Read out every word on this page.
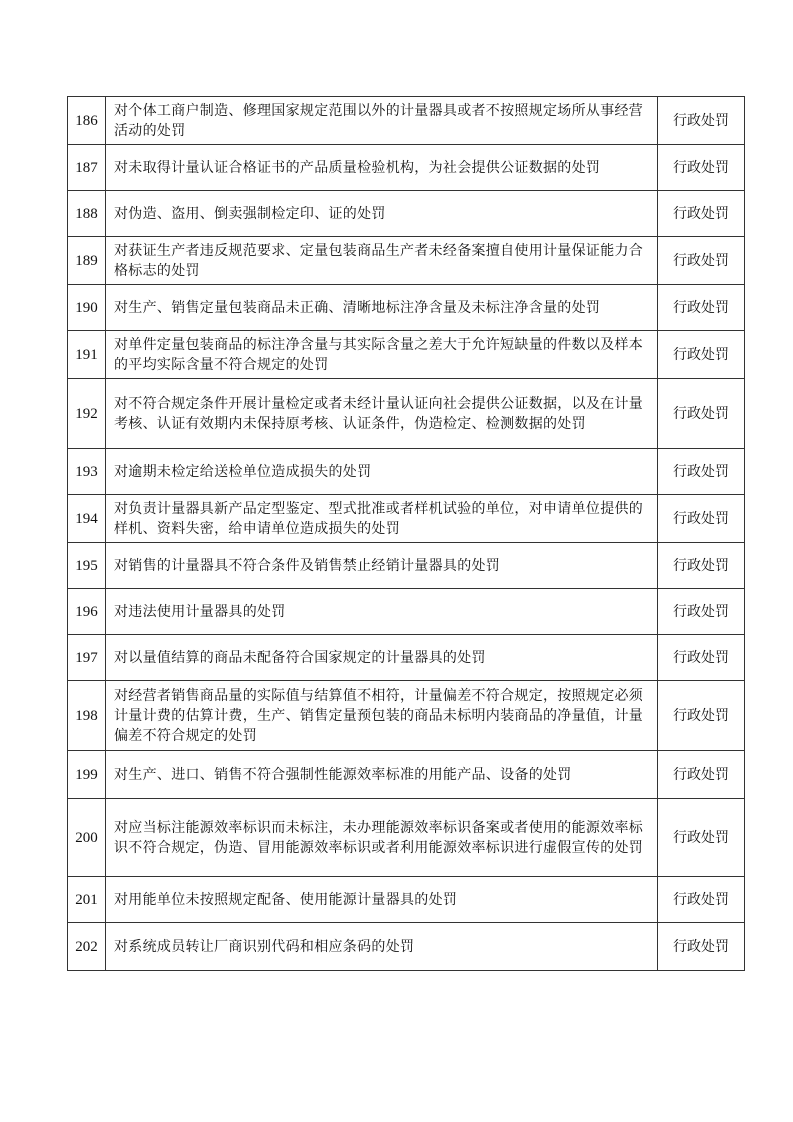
186	对个体工商户制造、修理国家规定范围以外的计量器具或者不按照规定场所从事经营活动的处罚	行政处罚
187	对未取得计量认证合格证书的产品质量检验机构，为社会提供公证数据的处罚	行政处罚
188	对伪造、盗用、倒卖强制检定印、证的处罚	行政处罚
189	对获证生产者违反规范要求、定量包装商品生产者未经备案擅自使用计量保证能力合格标志的处罚	行政处罚
190	对生产、销售定量包装商品未正确、清晰地标注净含量及未标注净含量的处罚	行政处罚
191	对单件定量包装商品的标注净含量与其实际含量之差大于允许短缺量的件数以及样本的平均实际含量不符合规定的处罚	行政处罚
192	对不符合规定条件开展计量检定或者未经计量认证向社会提供公证数据，以及在计量考核、认证有效期内未保持原考核、认证条件，伪造检定、检测数据的处罚	行政处罚
193	对逾期未检定给送检单位造成损失的处罚	行政处罚
194	对负责计量器具新产品定型鉴定、型式批准或者样机试验的单位，对申请单位提供的样机、资料失密，给申请单位造成损失的处罚	行政处罚
195	对销售的计量器具不符合条件及销售禁止经销计量器具的处罚	行政处罚
196	对违法使用计量器具的处罚	行政处罚
197	对以量值结算的商品未配备符合国家规定的计量器具的处罚	行政处罚
198	对经营者销售商品量的实际值与结算值不相符，计量偏差不符合规定，按照规定必须计量计费的估算计费，生产、销售定量预包装的商品未标明内装商品的净量值，计量偏差不符合规定的处罚	行政处罚
199	对生产、进口、销售不符合强制性能源效率标准的用能产品、设备的处罚	行政处罚
200	对应当标注能源效率标识而未标注，未办理能源效率标识备案或者使用的能源效率标识不符合规定，伪造、冒用能源效率标识或者利用能源效率标识进行虚假宣传的处罚	行政处罚
201	对用能单位未按照规定配备、使用能源计量器具的处罚	行政处罚
202	对系统成员转让厂商识别代码和相应条码的处罚	行政处罚
